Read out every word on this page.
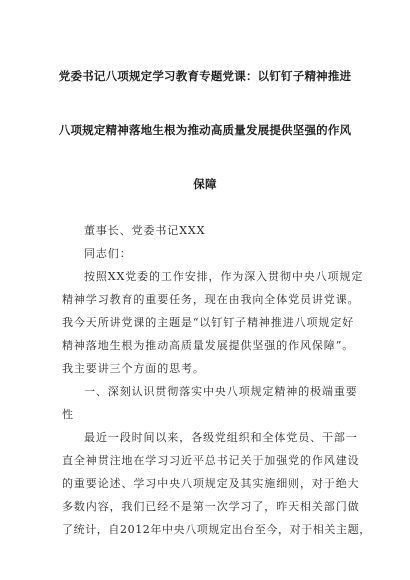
党委书记八项规定学习教育专题党课：以钉钉子精神推进
八项规定精神落地生根为推动高质量发展提供坚强的作风
保障
董事长、党委书记XXX
同志们：
按照XX党委的工作安排，作为深入贯彻中央八项规定
精神学习教育的重要任务，现在由我向全体党员讲党课。
我今天所讲党课的主题是“以钉钉子精神推进八项规定好
精神落地生根为推动高质量发展提供坚强的作风保障”。
我主要讲三个方面的思考。
一、深刻认识贯彻落实中央八项规定精神的极端重要
性
最近一段时间以来，各级党组织和全体党员、干部一
直全神贯注地在学习习近平总书记关于加强党的作风建设
的重要论述、学习中央八项规定及其实施细则，对于绝大
多数内容，我们已经不是第一次学习了，昨天相关部门做
了统计，自2012年中央八项规定出台至今，对于相关主题，
